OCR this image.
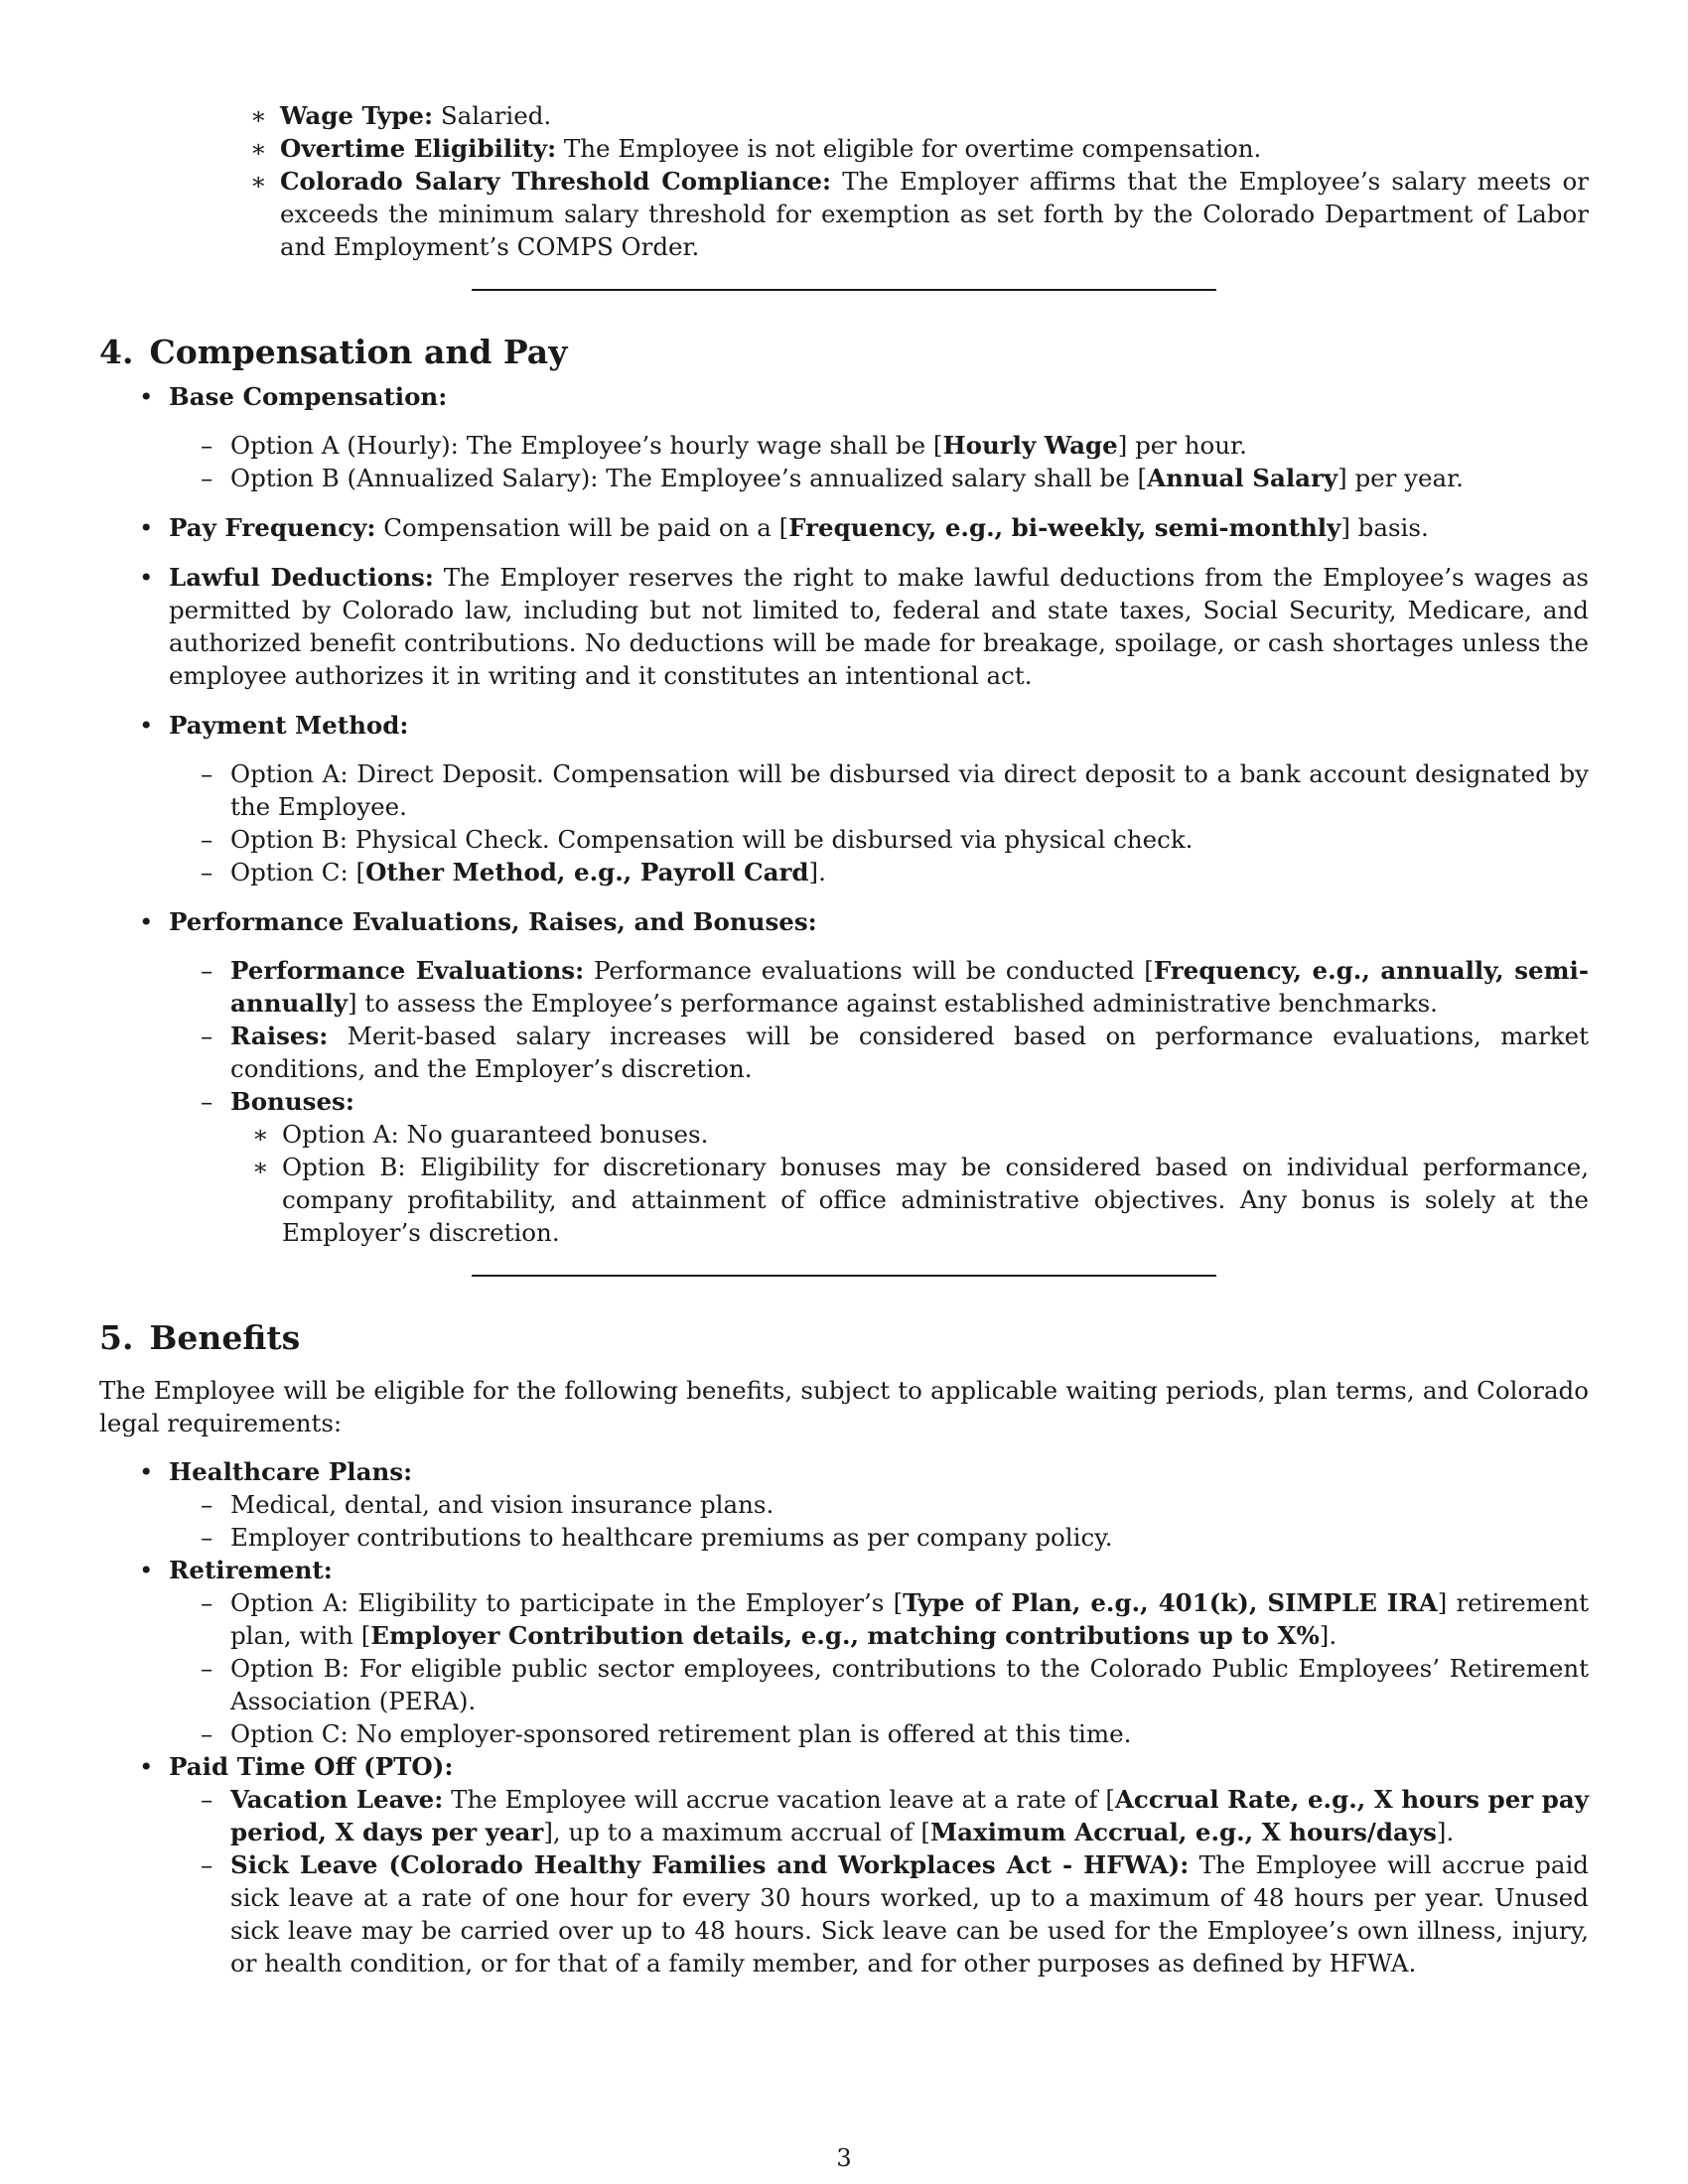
∗ Wage Type: Salaried.
∗ Overtime Eligibility: The Employee is not eligible for overtime compensation.
∗ Colorado Salary Threshold Compliance: The Employer affirms that the Employee’s salary meets or exceeds the minimum salary threshold for exemption as set forth by the Colorado Department of Labor and Employment’s COMPS Order.
4. Compensation and Pay
• Base Compensation:
– Option A (Hourly): The Employee’s hourly wage shall be [Hourly Wage] per hour.
– Option B (Annualized Salary): The Employee’s annualized salary shall be [Annual Salary] per year.
• Pay Frequency: Compensation will be paid on a [Frequency, e.g., bi-weekly, semi-monthly] basis.
• Lawful Deductions: The Employer reserves the right to make lawful deductions from the Employee’s wages as permitted by Colorado law, including but not limited to, federal and state taxes, Social Security, Medicare, and authorized benefit contributions. No deductions will be made for breakage, spoilage, or cash shortages unless the employee authorizes it in writing and it constitutes an intentional act.
• Payment Method:
– Option A: Direct Deposit. Compensation will be disbursed via direct deposit to a bank account designated by the Employee.
– Option B: Physical Check. Compensation will be disbursed via physical check.
– Option C: [Other Method, e.g., Payroll Card].
• Performance Evaluations, Raises, and Bonuses:
– Performance Evaluations: Performance evaluations will be conducted [Frequency, e.g., annually, semi-annually] to assess the Employee’s performance against established administrative benchmarks.
– Raises: Merit-based salary increases will be considered based on performance evaluations, market conditions, and the Employer’s discretion.
– Bonuses:
∗ Option A: No guaranteed bonuses.
∗ Option B: Eligibility for discretionary bonuses may be considered based on individual performance, company profitability, and attainment of office administrative objectives. Any bonus is solely at the Employer’s discretion.
5. Benefits

The Employee will be eligible for the following benefits, subject to applicable waiting periods, plan terms, and Colorado legal requirements:

• Healthcare Plans:
– Medical, dental, and vision insurance plans.
– Employer contributions to healthcare premiums as per company policy.
• Retirement:
– Option A: Eligibility to participate in the Employer’s [Type of Plan, e.g., 401(k), SIMPLE IRA] retirement plan, with [Employer Contribution details, e.g., matching contributions up to X%].
– Option B: For eligible public sector employees, contributions to the Colorado Public Employees’ Retirement Association (PERA).
– Option C: No employer-sponsored retirement plan is offered at this time.
• Paid Time Off (PTO):
– Vacation Leave: The Employee will accrue vacation leave at a rate of [Accrual Rate, e.g., X hours per pay period, X days per year], up to a maximum accrual of [Maximum Accrual, e.g., X hours/days].
– Sick Leave (Colorado Healthy Families and Workplaces Act - HFWA): The Employee will accrue paid sick leave at a rate of one hour for every 30 hours worked, up to a maximum of 48 hours per year. Unused sick leave may be carried over up to 48 hours. Sick leave can be used for the Employee’s own illness, injury, or health condition, or for that of a family member, and for other purposes as defined by HFWA.
3
